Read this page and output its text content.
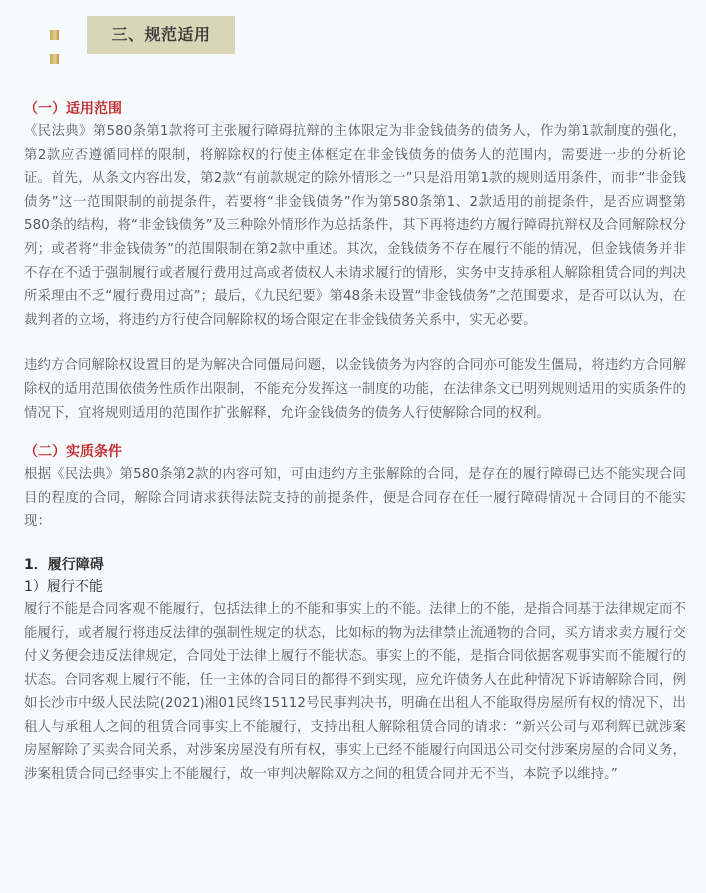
三、规范适用

（一）适用范围

《民法典》第580条第1款将可主张履行障碍抗辩的主体限定为非金钱债务的债务人，作为第1款制度的强化，第2款应否遵循同样的限制，将解除权的行使主体框定在非金钱债务的债务人的范围内，需要进一步的分析论证。首先，从条文内容出发，第2款“有前款规定的除外情形之一”只是沿用第1款的规则适用条件，而非“非金钱债务”这一范围限制的前提条件，若要将“非金钱债务”作为第580条第1、2款适用的前提条件，是否应调整第580条的结构，将“非金钱债务”及三种除外情形作为总括条件，其下再将违约方履行障碍抗辩权及合同解除权分列；或者将“非金钱债务”的范围限制在第2款中重述。其次，金钱债务不存在履行不能的情况，但金钱债务并非不存在不适于强制履行或者履行费用过高或者债权人未请求履行的情形，实务中支持承租人解除租赁合同的判决所采理由不乏“履行费用过高”；最后，《九民纪要》第48条未设置“非金钱债务”之范围要求，是否可以认为，在裁判者的立场，将违约方行使合同解除权的场合限定在非金钱债务关系中，实无必要。

违约方合同解除权设置目的是为解决合同僵局问题，以金钱债务为内容的合同亦可能发生僵局，将违约方合同解除权的适用范围依债务性质作出限制，不能充分发挥这一制度的功能，在法律条文已明列规则适用的实质条件的情况下，宜将规则适用的范围作扩张解释，允许金钱债务的债务人行使解除合同的权利。

（二）实质条件

根据《民法典》第580条第2款的内容可知，可由违约方主张解除的合同，是存在的履行障碍已达不能实现合同目的程度的合同，解除合同请求获得法院支持的前提条件，便是合同存在任一履行障碍情况＋合同目的不能实现：

1．履行障碍

1）履行不能

履行不能是合同客观不能履行，包括法律上的不能和事实上的不能。法律上的不能，是指合同基于法律规定而不能履行，或者履行将违反法律的强制性规定的状态，比如标的物为法律禁止流通物的合同，买方请求卖方履行交付义务便会违反法律规定，合同处于法律上履行不能状态。事实上的不能，是指合同依据客观事实而不能履行的状态。合同客观上履行不能，任一主体的合同目的都得不到实现，应允许债务人在此种情况下诉请解除合同，例如长沙市中级人民法院(2021)湘01民终15112号民事判决书，明确在出租人不能取得房屋所有权的情况下，出租人与承租人之间的租赁合同事实上不能履行，支持出租人解除租赁合同的请求：“新兴公司与邓利辉已就涉案房屋解除了买卖合同关系，对涉案房屋没有所有权，事实上已经不能履行向国迅公司交付涉案房屋的合同义务，涉案租赁合同已经事实上不能履行，故一审判决解除双方之间的租赁合同并无不当，本院予以维持。”
